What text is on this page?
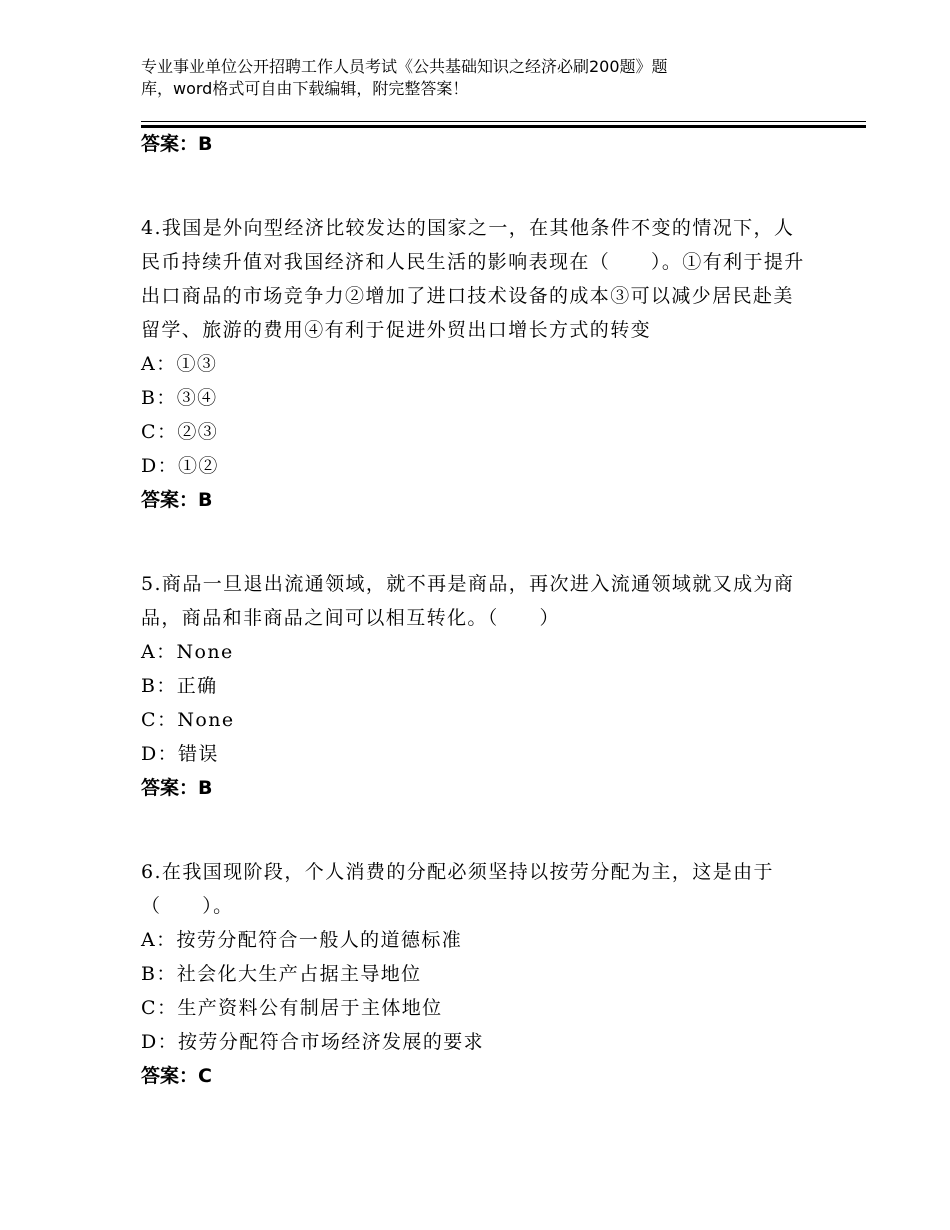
专业事业单位公开招聘工作人员考试《公共基础知识之经济必刷200题》题
库，word格式可自由下载编辑，附完整答案！
答案：B
4.我国是外向型经济比较发达的国家之一，在其他条件不变的情况下，人民币持续升值对我国经济和人民生活的影响表现在（　　）。①有利于提升出口商品的市场竞争力②增加了进口技术设备的成本③可以减少居民赴美留学、旅游的费用④有利于促进外贸出口增长方式的转变
A：①③
B：③④
C：②③
D：①②
答案：B
5.商品一旦退出流通领域，就不再是商品，再次进入流通领域就又成为商品，商品和非商品之间可以相互转化。（　　）
A：None
B：正确
C：None
D：错误
答案：B
6.在我国现阶段，个人消费的分配必须坚持以按劳分配为主，这是由于（　　）。
A：按劳分配符合一般人的道德标准
B：社会化大生产占据主导地位
C：生产资料公有制居于主体地位
D：按劳分配符合市场经济发展的要求
答案：C
